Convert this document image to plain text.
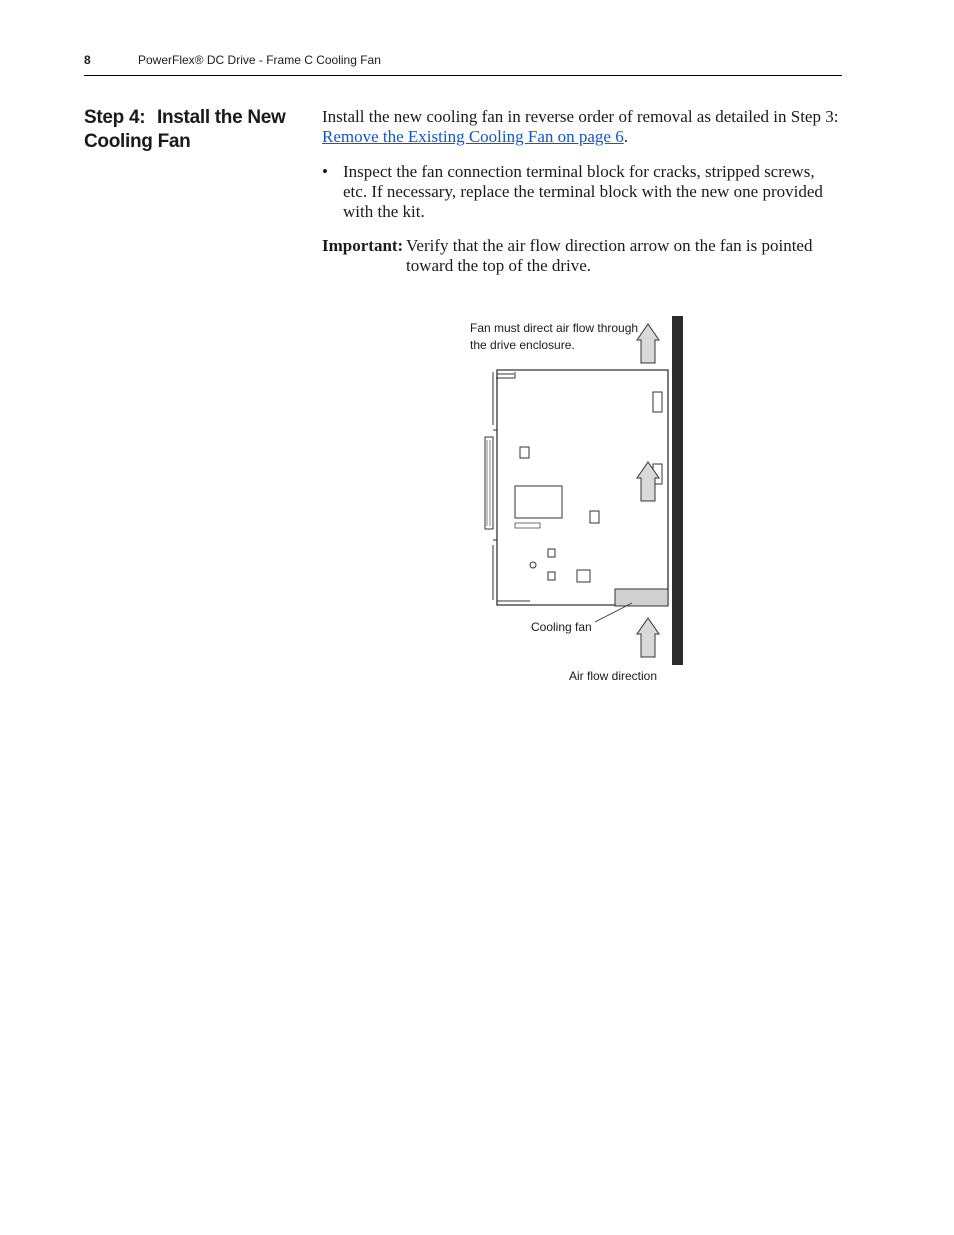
8	PowerFlex® DC Drive - Frame C Cooling Fan
Step 4: Install the New Cooling Fan

Install the new cooling fan in reverse order of removal as detailed in Step 3: Remove the Existing Cooling Fan on page 6.

• Inspect the fan connection terminal block for cracks, stripped screws, etc. If necessary, replace the terminal block with the new one provided with the kit.
Important: Verify that the air flow direction arrow on the fan is pointed toward the top of the drive.
Fan must direct air flow through
the drive enclosure.
Cooling fan
Air flow direction
